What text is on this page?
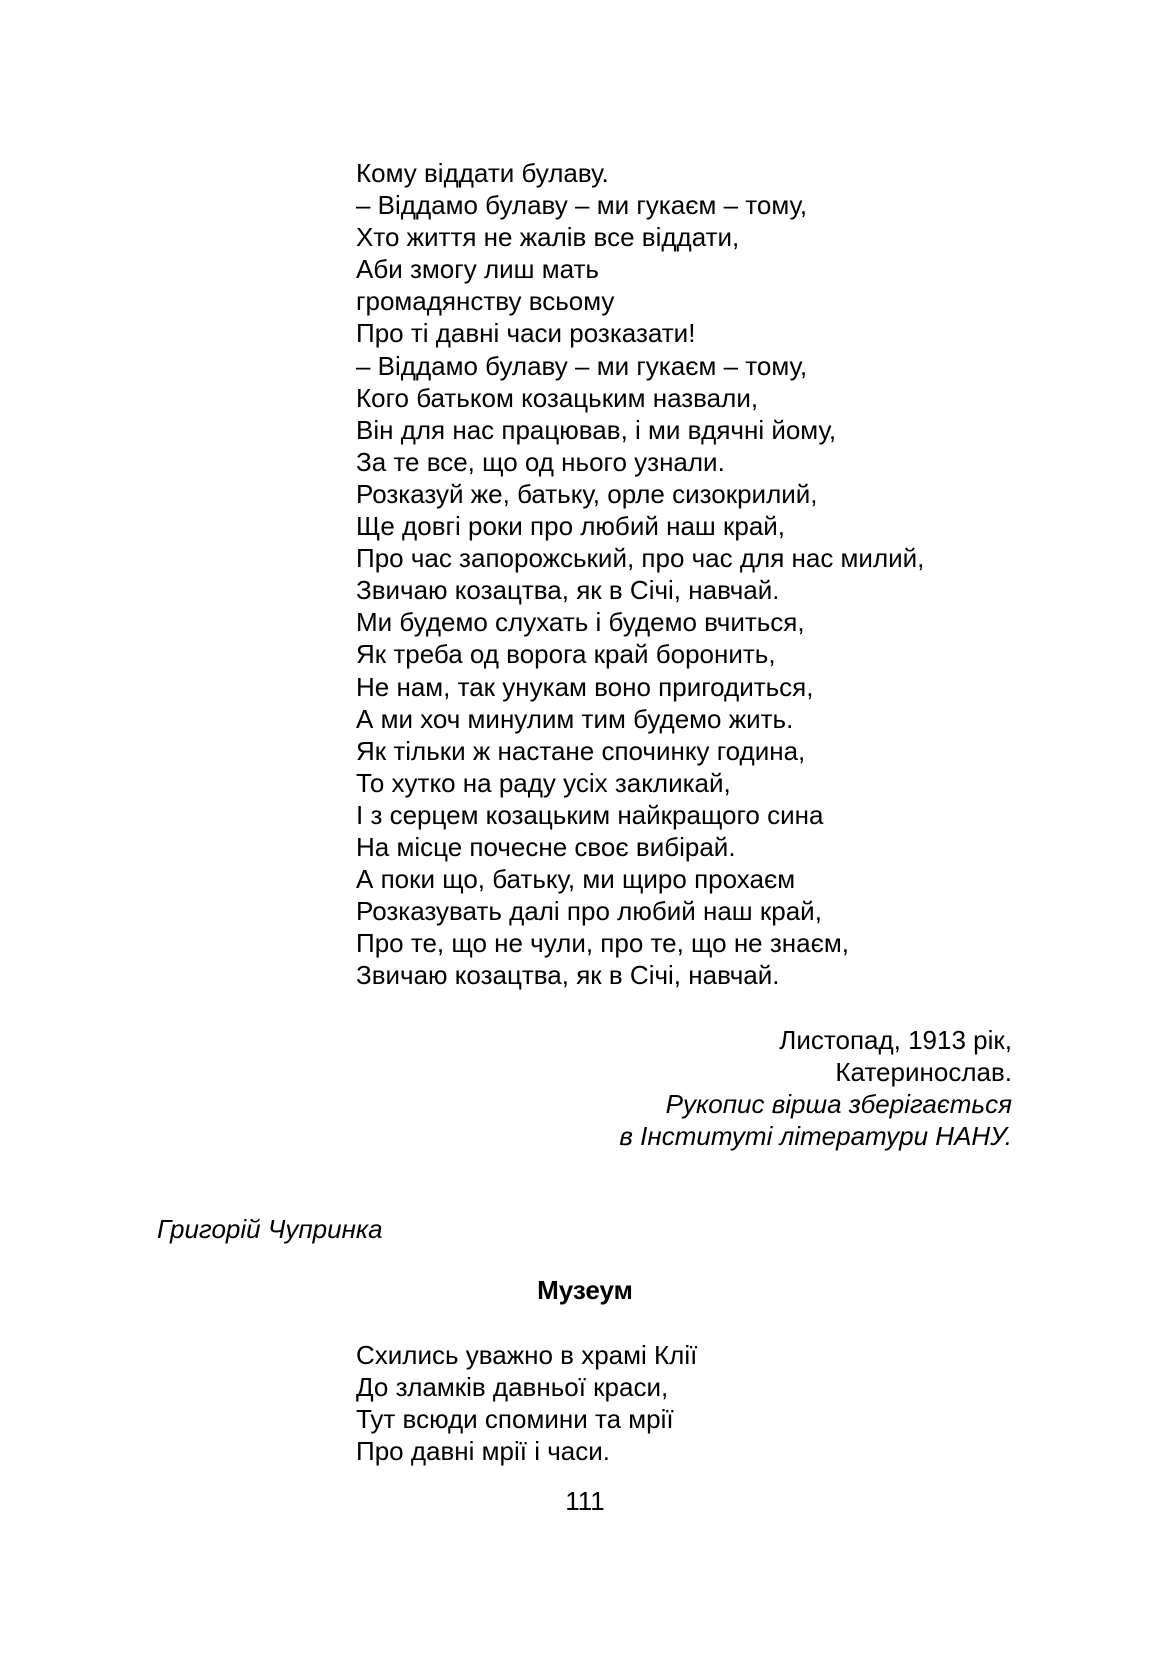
Кому віддати булаву.
– Віддамо булаву – ми гукаєм – тому,
Хто життя не жалів все віддати,
Аби змогу лиш мать
громадянству всьому
Про ті давні часи розказати!
– Віддамо булаву – ми гукаєм – тому,
Кого батьком козацьким назвали,
Він для нас працював, і ми вдячні йому,
За те все, що од нього узнали.
Розказуй же, батьку, орле сизокрилий,
Ще довгі роки про любий наш край,
Про час запорожський, про час для нас милий,
Звичаю козацтва, як в Січі, навчай.
Ми будемо слухать і будемо вчиться,
Як треба од ворога край боронить,
Не нам, так унукам воно пригодиться,
А ми хоч минулим тим будемо жить.
Як тільки ж настане спочинку година,
То хутко на раду усіх закликай,
І з серцем козацьким найкращого сина
На місце почесне своє вибірай.
А поки що, батьку, ми щиро прохаєм
Розказувать далі про любий наш край,
Про те, що не чули, про те, що не знаєм,
Звичаю козацтва, як в Січі, навчай.
Листопад, 1913 рік,
Катеринослав.
Рукопис вірша зберігається
в Інституті літератури НАНУ.
Григорій Чупринка
Музеум
Схились уважно в храмі Клії
До зламків давньої краси,
Тут всюди спомини та мрії
Про давні мрії і часи.
111
